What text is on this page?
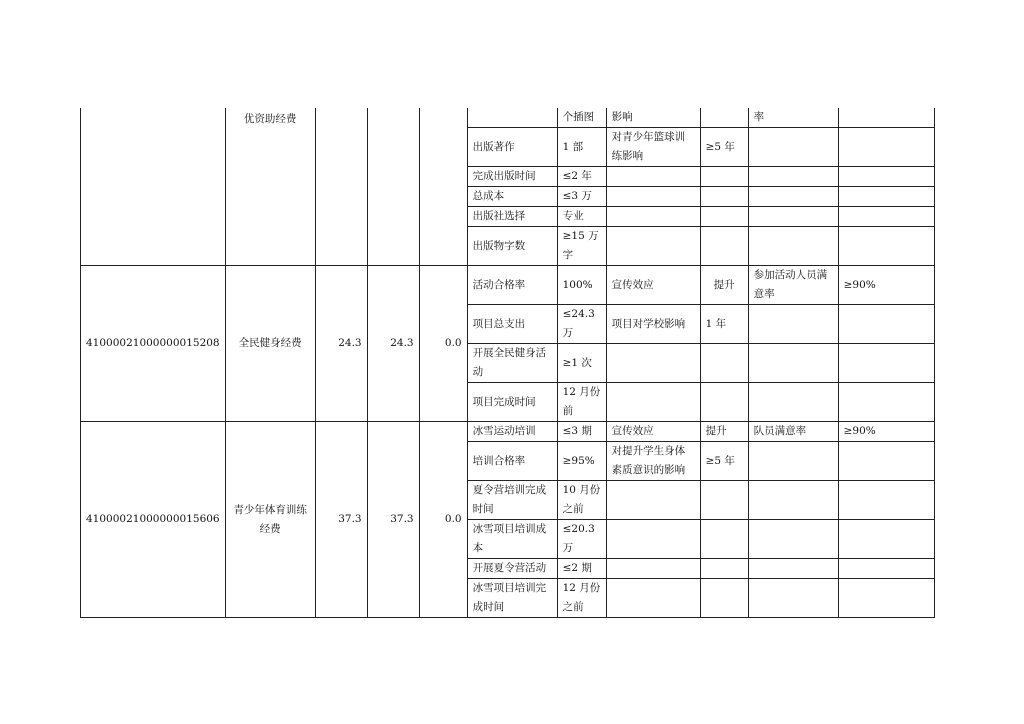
	优资助经费					个插图	影响		率	
					出版著作	1 部	对青少年篮球训练影响	≥5 年		
					完成出版时间	≤2 年				
					总成本	≤3 万				
					出版社选择	专业				
					出版物字数	≥15 万字				
41000021000000015208	全民健身经费	24.3	24.3	0.0	活动合格率	100%	宣传效应	提升	参加活动人员满意率	≥90%
					项目总支出	≤24.3 万	项目对学校影响	1 年		
					开展全民健身活动	≥1 次				
					项目完成时间	12 月份前				
41000021000000015606	青少年体育训练经费	37.3	37.3	0.0	冰雪运动培训	≤3 期	宣传效应	提升	队员满意率	≥90%
					培训合格率	≥95%	对提升学生身体素质意识的影响	≥5 年		
					夏令营培训完成时间	10 月份之前				
					冰雪项目培训成本	≤20.3 万				
					开展夏令营活动	≤2 期				
					冰雪项目培训完成时间	12 月份之前				
